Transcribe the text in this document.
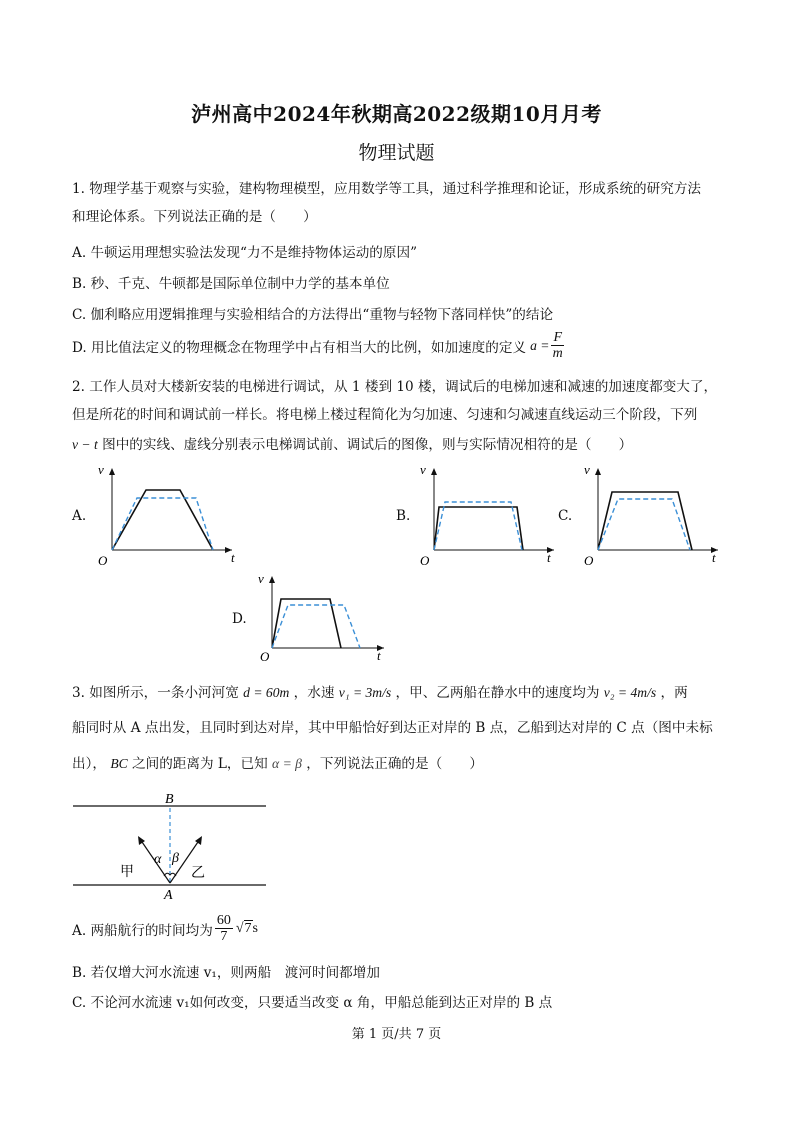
泸州高中2024年秋期高2022级期10月月考
物理试题
1. 物理学基于观察与实验，建构物理模型，应用数学等工具，通过科学推理和论证，形成系统的研究方法
和理论体系。下列说法正确的是（　　）
A. 牛顿运用理想实验法发现“力不是维持物体运动的原因”
B. 秒、千克、牛顿都是国际单位制中力学的基本单位
C. 伽利略应用逻辑推理与实验相结合的方法得出“重物与轻物下落同样快”的结论
D. 用比值法定义的物理概念在物理学中占有相当大的比例，如加速度的定义 $a = \frac{F}{m}$
2. 工作人员对大楼新安装的电梯进行调试，从 1 楼到 10 楼，调试后的电梯加速和减速的加速度都变大了，
但是所花的时间和调试前一样长。将电梯上楼过程简化为匀加速、匀速和匀减速直线运动三个阶段，下列
v − t 图中的实线、虚线分别表示电梯调试前、调试后的图像，则与实际情况相符的是（　　）
A.
v
t
O
B.
v
t
O
C.
v
t
O
D.
v
t
O
3. 如图所示，一条小河河宽 d = 60m ，水速 v₁ = 3m/s ，甲、乙两船在静水中的速度均为 v₂ = 4m/s ，两
船同时从 A 点出发，且同时到达对岸，其中甲船恰好到达正对岸的 B 点，乙船到达对岸的 C 点（图中未标
出）， BC 之间的距离为 L，已知 α = β ，下列说法正确的是（　　）
B
A
α β
甲	乙
A. 两船航行的时间均为 $\frac{60}{7} √7$ s
B. 若仅增大河水流速 v₁，则两船　渡河时间都增加
C. 不论河水流速 v₁如何改变，只要适当改变 α 角，甲船总能到达正对岸的 B 点
第 1 页/共 7 页
